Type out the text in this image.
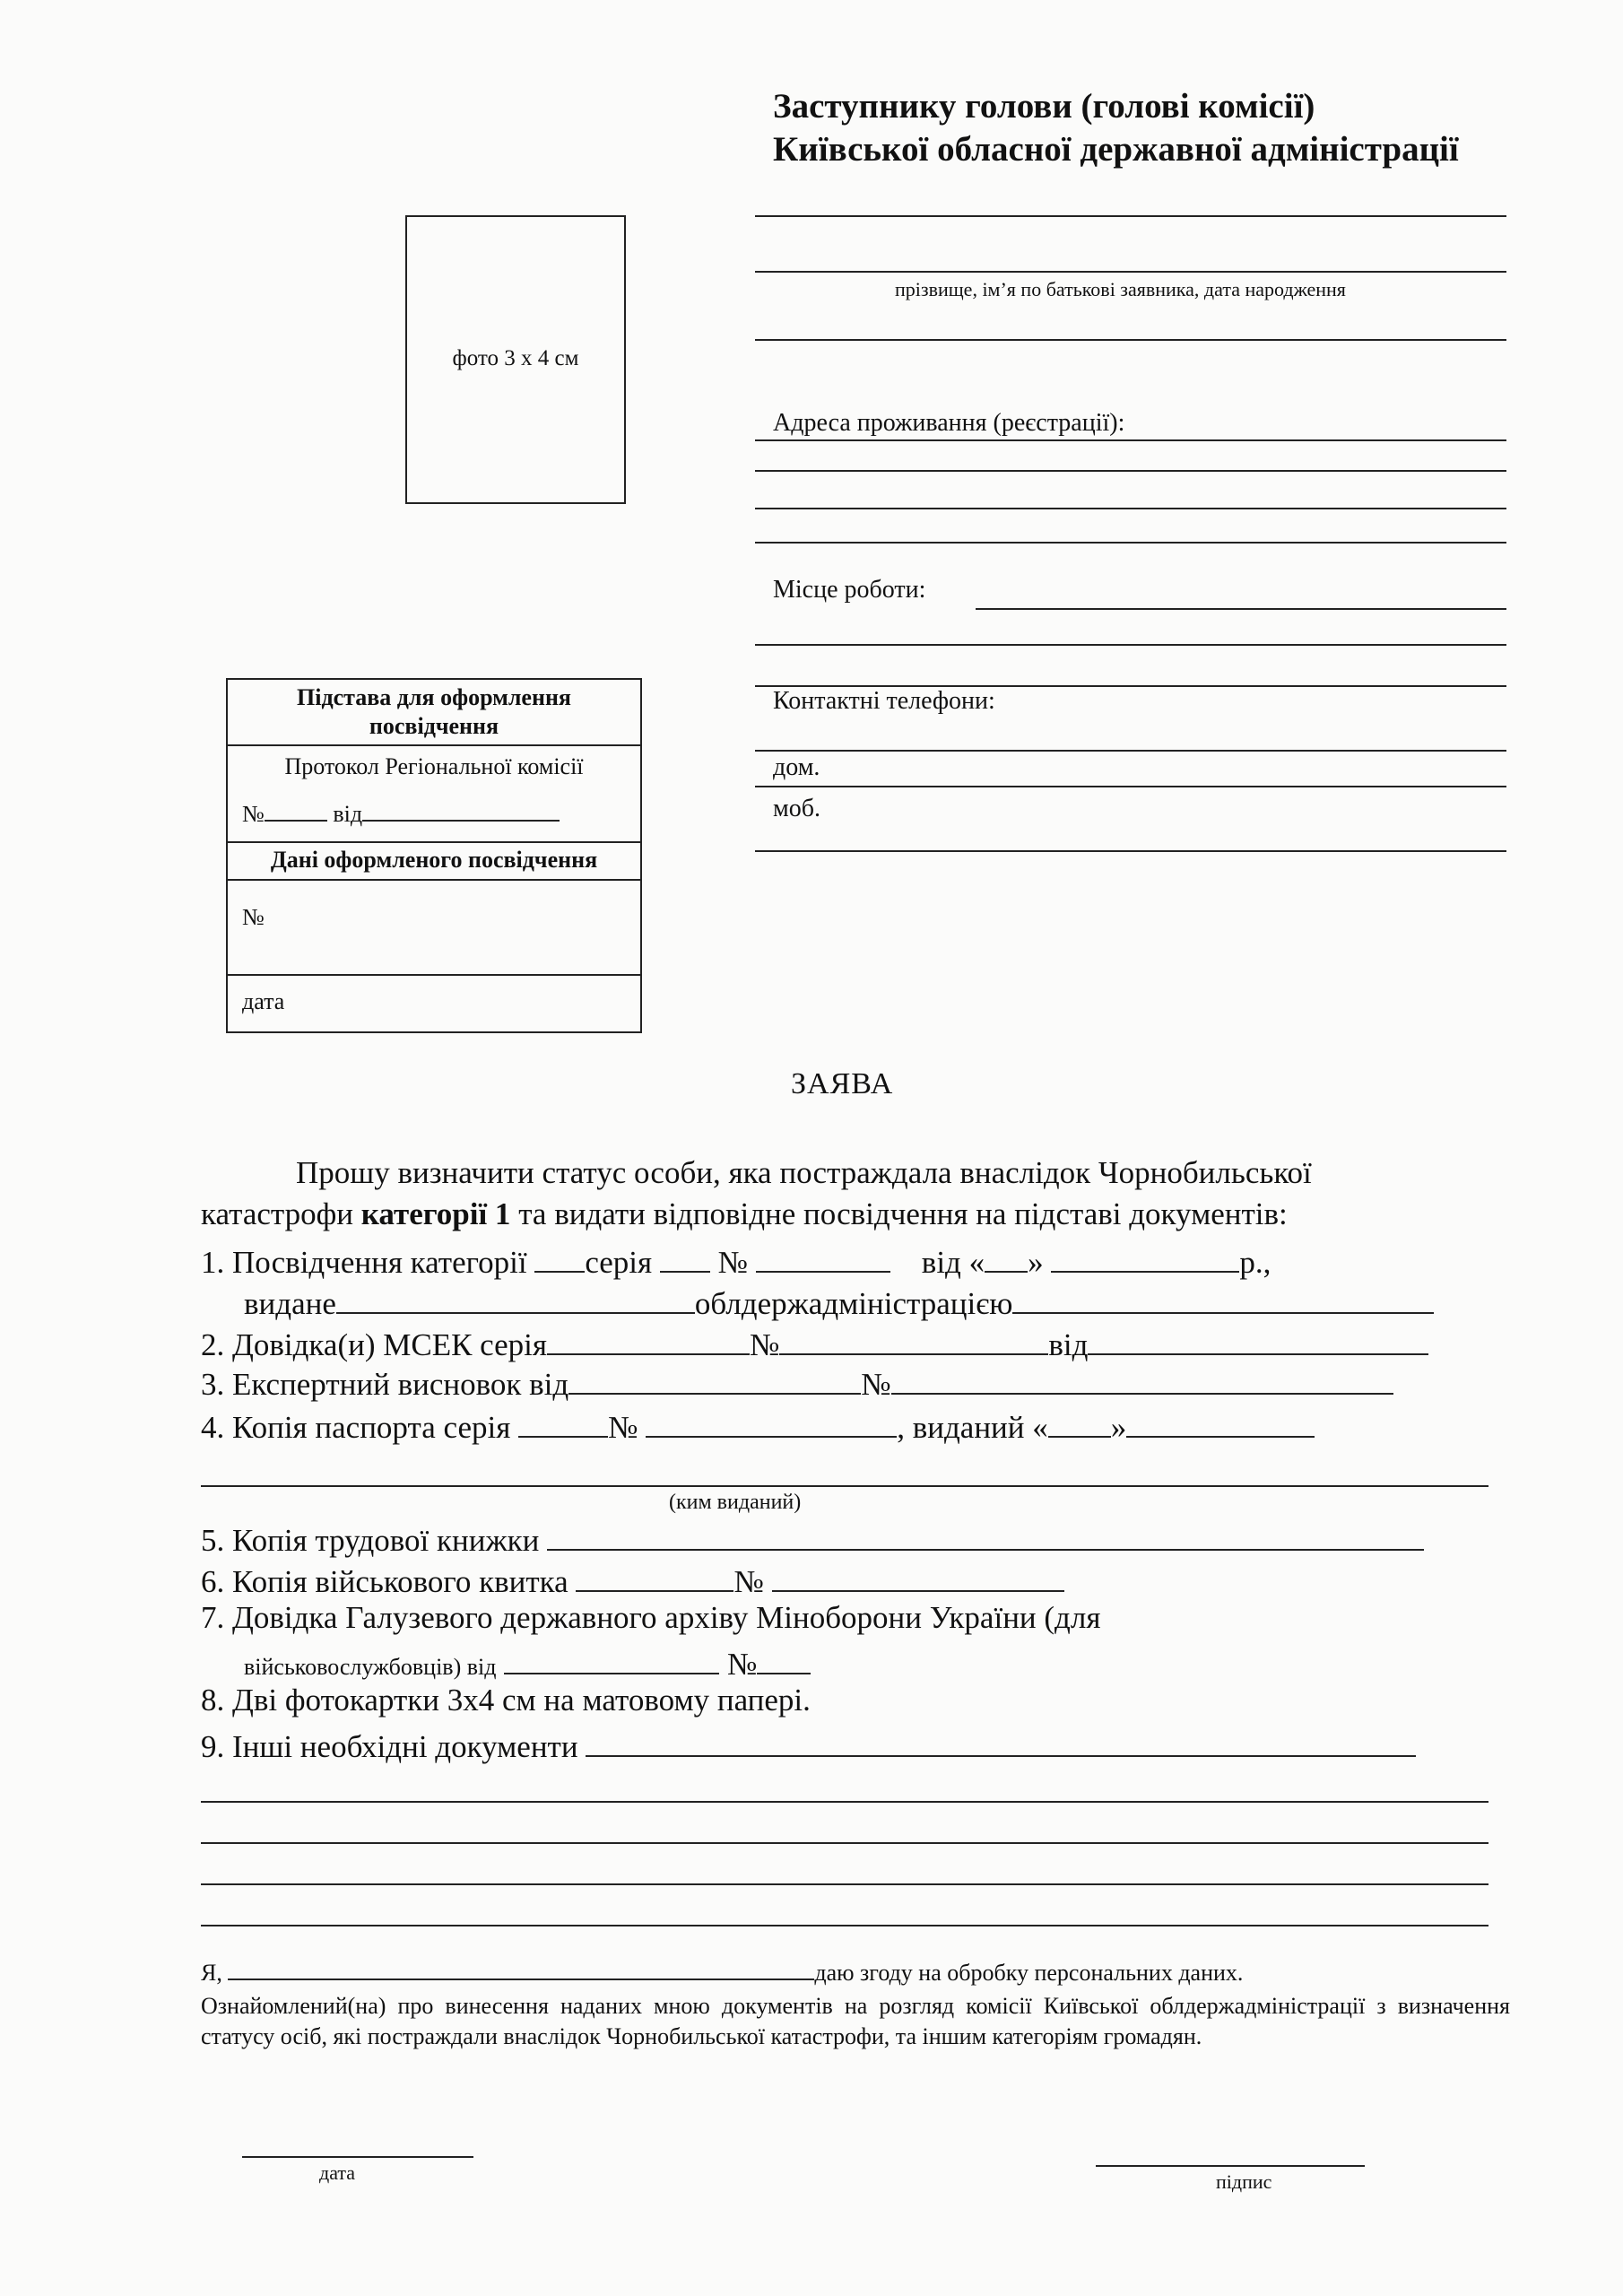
Заступнику голови (голові комісії)
Київської обласної державної адміністрації
прізвище, ім’я по батькові заявника, дата народження
фото 3 х 4 см
Адреса проживання (реєстрації):
Місце роботи:
Контактні телефони:
дом.
моб.
Підстава для оформлення посвідчення
Протокол Регіональної комісії
№	від
Дані оформленого посвідчення
№
дата
ЗАЯВА
Прошу визначити статус особи, яка постраждала внаслідок Чорнобильської
катастрофи категорії 1 та видати відповідне посвідчення на підставі документів:
1. Посвідчення категорії серія №	від « »	р.,
видане	облдержадміністрацією
2. Довідка(и) МСЕК серія	№	від
3. Експертний висновок від	№
4. Копія паспорта серія	№	, виданий « »
(ким виданий)
5. Копія трудової книжки
6. Копія військового квитка	№
7. Довідка Галузевого державного архіву Міноборони України (для
військовослужбовців) від	№
8. Дві фотокартки 3х4 см на матовому папері.
9. Інші необхідні документи
Я,	даю згоду на обробку персональних даних.
Ознайомлений(на) про винесення наданих мною документів на розгляд комісії Київської облдержадміністрації з визначення статусу осіб, які постраждали внаслідок Чорнобильської катастрофи, та іншим категоріям громадян.
дата	підпис
